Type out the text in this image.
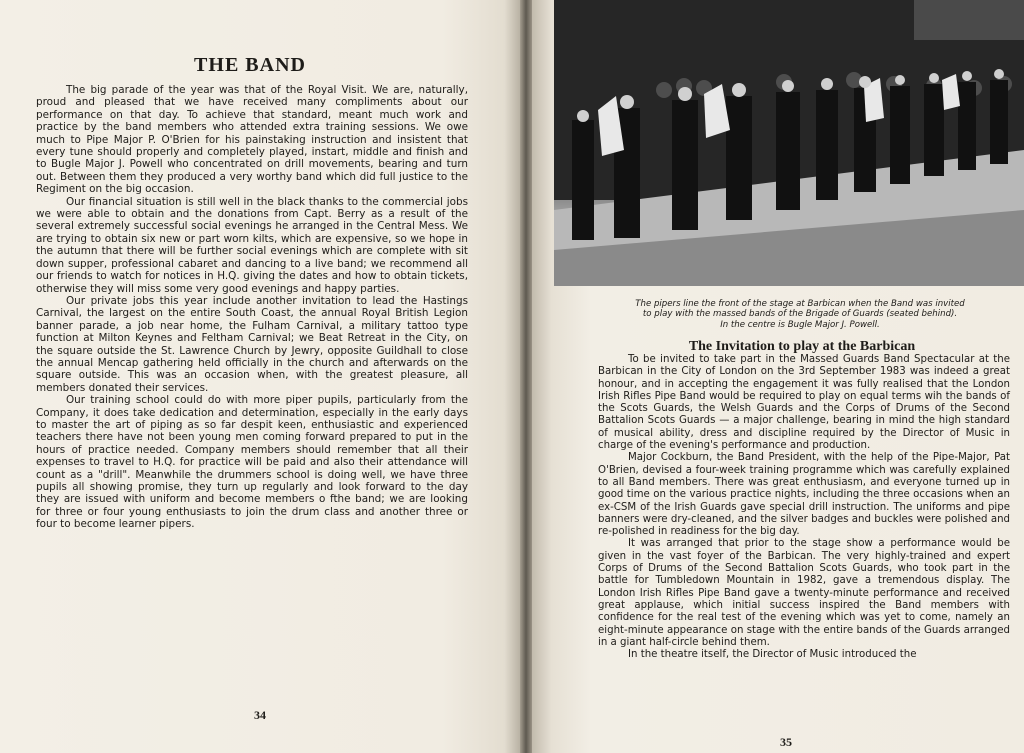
THE BAND

The big parade of the year was that of the Royal Visit. We are, naturally, proud and pleased that we have received many compliments about our performance on that day. To achieve that standard, meant much work and practice by the band members who attended extra training sessions. We owe much to Pipe Major P. O'Brien for his painstaking instruction and insistent that every tune should properly and completely played, instart, middle and finish and to Bugle Major J. Powell who concentrated on drill movements, bearing and turn out. Between them they produced a very worthy band which did full justice to the Regiment on the big occasion.

Our financial situation is still well in the black thanks to the commercial jobs we were able to obtain and the donations from Capt. Berry as a result of the several extremely successful social evenings he arranged in the Central Mess. We are trying to obtain six new or part worn kilts, which are expensive, so we hope in the autumn that there will be further social evenings which are complete with sit down supper, professional cabaret and dancing to a live band; we recommend all our friends to watch for notices in H.Q. giving the dates and how to obtain tickets, otherwise they will miss some very good evenings and happy parties.

Our private jobs this year include another invitation to lead the Hastings Carnival, the largest on the entire South Coast, the annual Royal British Legion banner parade, a job near home, the Fulham Carnival, a military tattoo type function at Milton Keynes and Feltham Carnival; we Beat Retreat in the City, on the square outside the St. Lawrence Church by Jewry, opposite Guildhall to close the annual Mencap gathering held officially in the church and afterwards on the square outside. This was an occasion when, with the greatest pleasure, all members donated their services.

Our training school could do with more piper pupils, particularly from the Company, it does take dedication and determination, especially in the early days to master the art of piping as so far despit keen, enthusiastic and experienced teachers there have not been young men coming forward prepared to put in the hours of practice needed. Company members should remember that all their expenses to travel to H.Q. for practice will be paid and also their attendance will count as a "drill". Meanwhile the drummers school is doing well, we have three pupils all showing promise, they turn up regularly and look forward to the day they are issued with uniform and become members o fthe band; we are looking for three or four young enthusiasts to join the drum class and another three or four to become learner pipers.

34
The pipers line the front of the stage at Barbican when the Band was invited
to play with the massed bands of the Brigade of Guards (seated behind).
In the centre is Bugle Major J. Powell.
The Invitation to play at the Barbican

To be invited to take part in the Massed Guards Band Spectacular at the Barbican in the City of London on the 3rd September 1983 was indeed a great honour, and in accepting the engagement it was fully realised that the London Irish Rifles Pipe Band would be required to play on equal terms wih the bands of the Scots Guards, the Welsh Guards and the Corps of Drums of the Second Battalion Scots Guards — a major challenge, bearing in mind the high standard of musical ability, dress and discipline required by the Director of Music in charge of the evening's performance and production.

Major Cockburn, the Band President, with the help of the Pipe-Major, Pat O'Brien, devised a four-week training programme which was carefully explained to all Band members. There was great enthusiasm, and everyone turned up in good time on the various practice nights, including the three occasions when an ex-CSM of the Irish Guards gave special drill instruction. The uniforms and pipe banners were dry-cleaned, and the silver badges and buckles were polished and re-polished in readiness for the big day.

It was arranged that prior to the stage show a performance would be given in the vast foyer of the Barbican. The very highly-trained and expert Corps of Drums of the Second Battalion Scots Guards, who took part in the battle for Tumbledown Mountain in 1982, gave a tremendous display. The London Irish Rifles Pipe Band gave a twenty-minute performance and received great applause, which initial success inspired the Band members with confidence for the real test of the evening which was yet to come, namely an eight-minute appearance on stage with the entire bands of the Guards arranged in a giant half-circle behind them.

In the theatre itself, the Director of Music introduced the

35
